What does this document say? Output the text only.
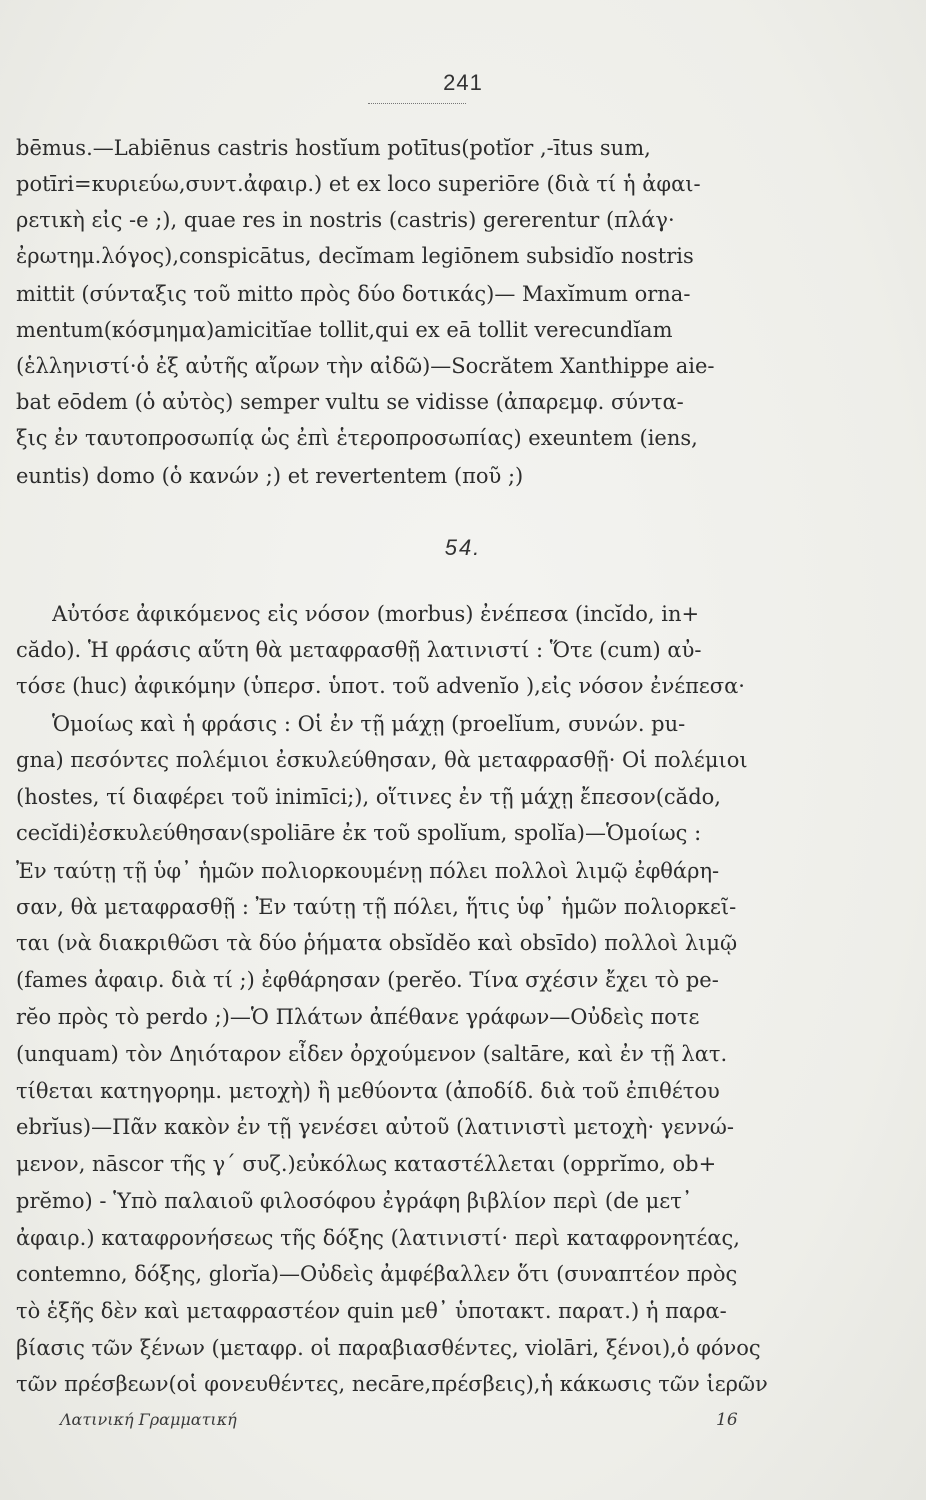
241
bēmus.—Labiēnus castris hostĭum potītus(potĭor ,-ītus sum,
potīri=κυριεύω,συντ.ἀφαιρ.) et ex loco superiōre (διὰ τί ἡ ἀφαι-
ρετικὴ εἰς -e ;), quae res in nostris (castris) gererentur (πλάγ·
ἐρωτημ.λόγος),conspicātus, decĭmam legiōnem subsidĭo nostris
mittit (σύνταξις τοῦ mitto πρὸς δύο δοτικάς)— Maxĭmum orna-
mentum(κόσμημα)amicitĭae tollit,qui ex eā tollit verecundĭam
(ἑλληνιστί·ὁ ἐξ αὐτῆς αἴρων τὴν αἰδῶ)—Socrătem Xanthippe aie-
bat eōdem (ὁ αὐτὸς) semper vultu se vidisse (ἀπαρεμφ. σύντα-
ξις ἐν ταυτοπροσωπίᾳ ὡς ἐπὶ ἑτεροπροσωπίας) exeuntem (iens,
euntis) domo (ὁ κανών ;) et revertentem (ποῦ ;)
54.
Αὐτόσε ἀφικόμενος εἰς νόσον (morbus) ἐνέπεσα (incĭdo, in+
cădo). Ἡ φράσις αὕτη θὰ μεταφρασθῇ λατινιστί : Ὅτε (cum) αὐ-
τόσε (huc) ἀφικόμην (ὑπερσ. ὑποτ. τοῦ advenĭo ),εἰς νόσον ἐνέπεσα·
Ὁμοίως καὶ ἡ φράσις : Οἱ ἐν τῇ μάχῃ (proelĭum, συνών. pu-
gna) πεσόντες πολέμιοι ἐσκυλεύθησαν, θὰ μεταφρασθῇ· Οἱ πολέμιοι
(hostes, τί διαφέρει τοῦ inimīci;), οἵτινες ἐν τῇ μάχῃ ἔπεσον(cădo,
cecĭdi)ἐσκυλεύθησαν(spoliāre ἐκ τοῦ spolĭum, spolĭa)—Ὁμοίως :
Ἐν ταύτῃ τῇ ὑφ᾽ ἡμῶν πολιορκουμένῃ πόλει πολλοὶ λιμῷ ἐφθάρη-
σαν, θὰ μεταφρασθῇ : Ἐν ταύτῃ τῇ πόλει, ἥτις ὑφ᾽ ἡμῶν πολιορκεῖ-
ται (νὰ διακριθῶσι τὰ δύο ῥήματα obsĭdĕo καὶ obsīdo) πολλοὶ λιμῷ
(fames ἀφαιρ. διὰ τί ;) ἐφθάρησαν (perĕo. Τίνα σχέσιν ἔχει τὸ pe-
rĕo πρὸς τὸ perdo ;)—Ὁ Πλάτων ἀπέθανε γράφων—Οὐδεὶς ποτε
(unquam) τὸν Δηιόταρον εἶδεν ὀρχούμενον (saltāre, καὶ ἐν τῇ λατ.
τίθεται κατηγορημ. μετοχὴ) ἢ μεθύοντα (ἀποδίδ. διὰ τοῦ ἐπιθέτου
ebrĭus)—Πᾶν κακὸν ἐν τῇ γενέσει αὐτοῦ (λατινιστὶ μετοχὴ· γεννώ-
μενον, nāscor τῆς γ΄ συζ.)εὐκόλως καταστέλλεται (opprĭmo, ob+
prĕmo) - Ὑπὸ παλαιοῦ φιλοσόφου ἐγράφη βιβλίον περὶ (de μετ᾽
ἀφαιρ.) καταφρονήσεως τῆς δόξης (λατινιστί· περὶ καταφρονητέας,
contemno, δόξης, glorĭa)—Οὐδεὶς ἀμφέβαλλεν ὅτι (συναπτέον πρὸς
τὸ ἑξῆς δὲν καὶ μεταφραστέον quin μεθ᾽ ὑποτακτ. παρατ.) ἡ παρα-
βίασις τῶν ξένων (μεταφρ. οἱ παραβιασθέντες, violāri, ξένοι),ὁ φόνος
τῶν πρέσβεων(οἱ φονευθέντες, necāre,πρέσβεις),ἡ κάκωσις τῶν ἱερῶν
Λατινική Γραμματική	16
